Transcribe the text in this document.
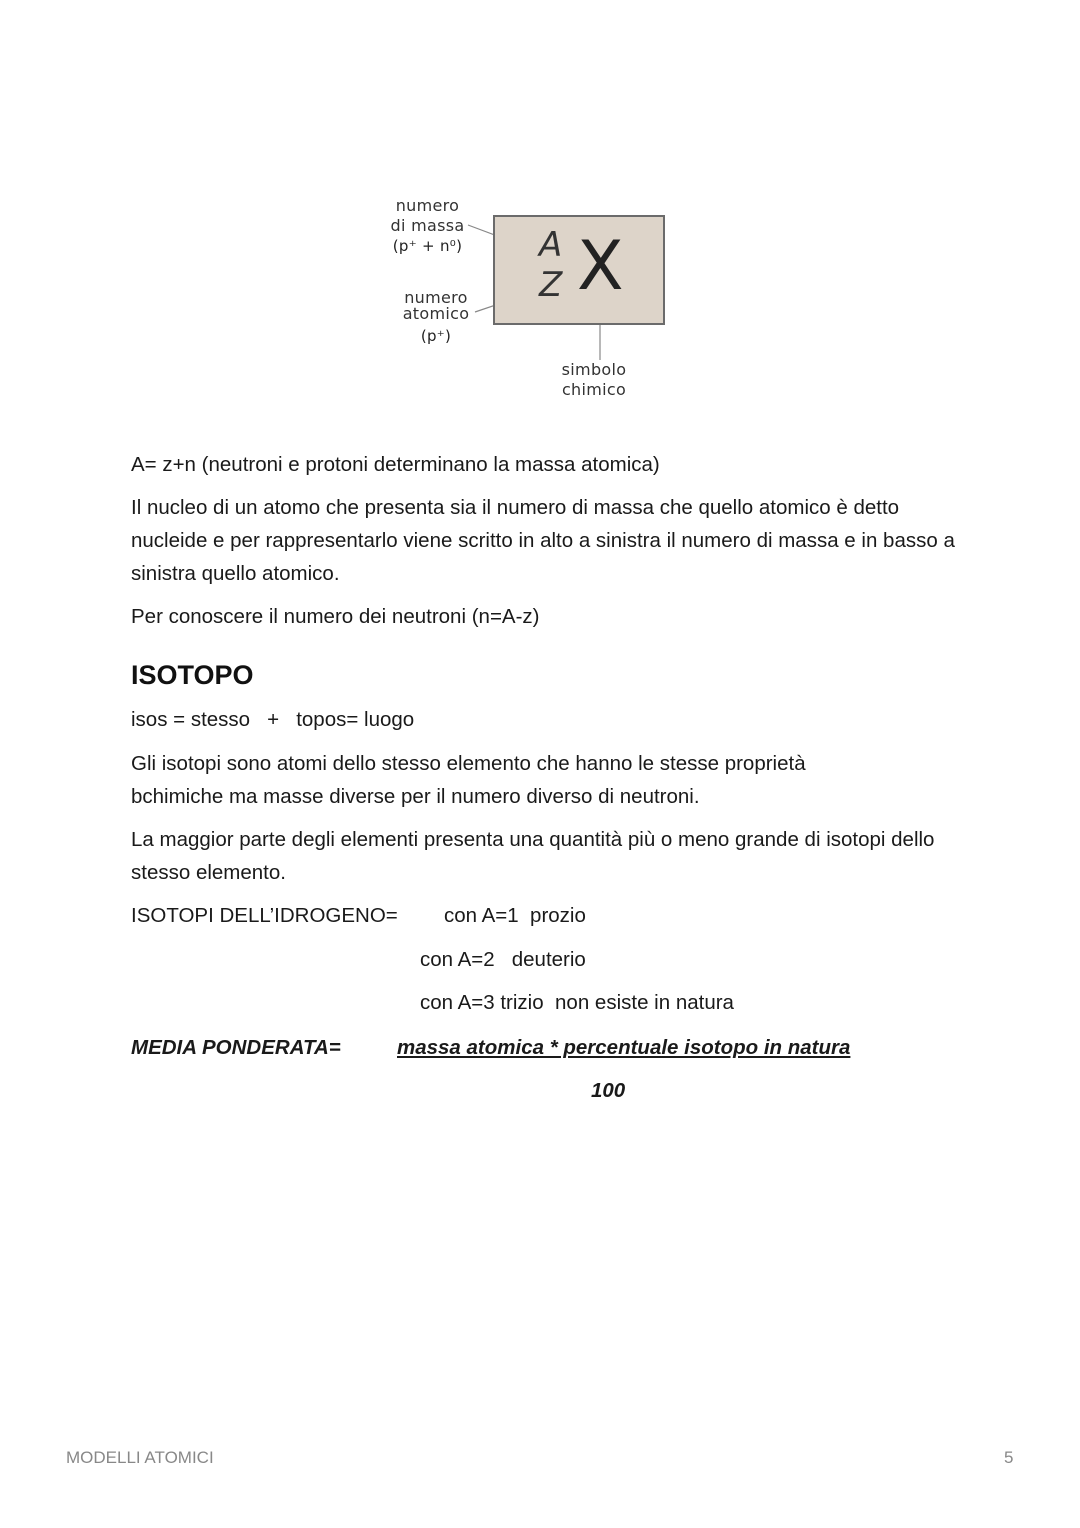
numero
di massa
(p⁺ + n⁰)
numero
atomico
(p⁺)
A
Z X
simbolo
chimico

A= z+n (neutroni e protoni determinano la massa atomica)

Il nucleo di un atomo che presenta sia il numero di massa che quello atomico è detto nucleide e per rappresentarlo viene scritto in alto a sinistra il numero di massa e in basso a sinistra quello atomico.

Per conoscere il numero dei neutroni (n=A-z)

ISOTOPO

isos = stesso   +   topos= luogo

Gli isotopi sono atomi dello stesso elemento che hanno le stesse proprietà bchimiche ma masse diverse per il numero diverso di neutroni.

La maggior parte degli elementi presenta una quantità più o meno grande di isotopi dello stesso elemento.

ISOTOPI DELL’IDROGENO= con A=1  prozio

con A=2   deuterio

con A=3 trizio  non esiste in natura

MEDIA PONDERATA=	massa atomica * percentuale isotopo in natura

100

MODELLI ATOMICI	5
